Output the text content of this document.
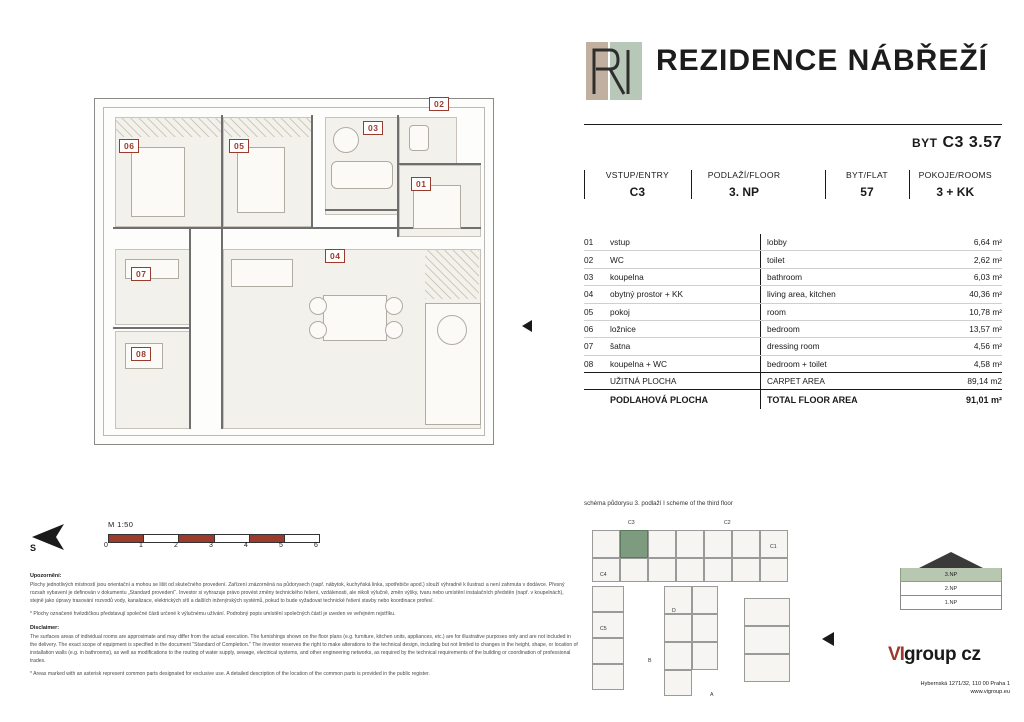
06	05
03
02
01
04
07
08
S
M 1:50
0	1	2	3	4	5	6
Upozornění:

Plochy jednotlivých místností jsou orientační a mohou se lišit od skutečného provedení. Zařízení znázorněná na půdorysech (např. nábytok, kuchyňská linka, spotřebiče apod.) slouží výhradně k ilustraci a není zahrnuta v dodávce. Přesný rozsah vybavení je definován v dokumentu „Standard provedení“. Investor si vyhrazuje právo provést změny technického řešení, vzdálenosti, ale nikoli výlučně, změn výšky, tvaru nebo umístění instalačních předstěn (např. v koupelnách), stejně jako úpravy trasování rozvodů vody, kanalizace, elektrických sítí a dalších inženýrských systémů, pokud to bude vyžadovat technické řešení stavby nebo koordinace profesí.

* Plochy označené hvězdičkou představují společné části určené k výlučnému užívání. Podrobný popis umístění společných částí je uveden ve veřejném rejstříku.

Disclaimer:

The surfaces areas of individual rooms are approximate and may differ from the actual execution. The furnishings shown on the floor plans (e.g. furniture, kitchen units, appliances, etc.) are for illustrative purposes only and are not included in the delivery. The exact scope of equipment is specified in the document "Standard of Completion." The investor reserves the right to make alterations to the technical design, including but not limited to changes in the height, shape, or location of installation walls (e.g. in bathrooms), as well as modifications to the routing of water supply, sewage, electrical systems, and other engineering networks, as required by the technical requirements of the building or coordination of professional trades.

* Areas marked with an asterisk represent common parts designated for exclusive use. A detailed description of the location of the common parts is provided in the public register.

REZIDENCE NÁBŘEŽÍ
BYT C3 3.57
VSTUP/ENTRY
C3
PODLAŽÍ/FLOOR
3. NP
BYT/FLAT
57
POKOJE/ROOMS
3 + KK
01	vstup	lobby	6,64 m²
02	WC	toilet	2,62 m²
03	koupelna	bathroom	6,03 m²
04	obytný prostor + KK	living area, kitchen	40,36 m²
05	pokoj	room	10,78 m²
06	ložnice	bedroom	13,57 m²
07	šatna	dressing room	4,56 m²
08	koupelna + WC	bedroom + toilet	4,58 m²
	UŽITNÁ PLOCHA	CARPET AREA	89,14 m2
	PODLAHOVÁ PLOCHA	TOTAL FLOOR AREA	91,01 m²
schéma půdorysu 3. podlaží I scheme of the third floor
C4
C3	C2
C1
C5
D
B
A
3.NP
2.NP
1.NP
VIgroup cz
Hybernská 1271/32, 110 00 Praha 1
www.vigroup.eu
